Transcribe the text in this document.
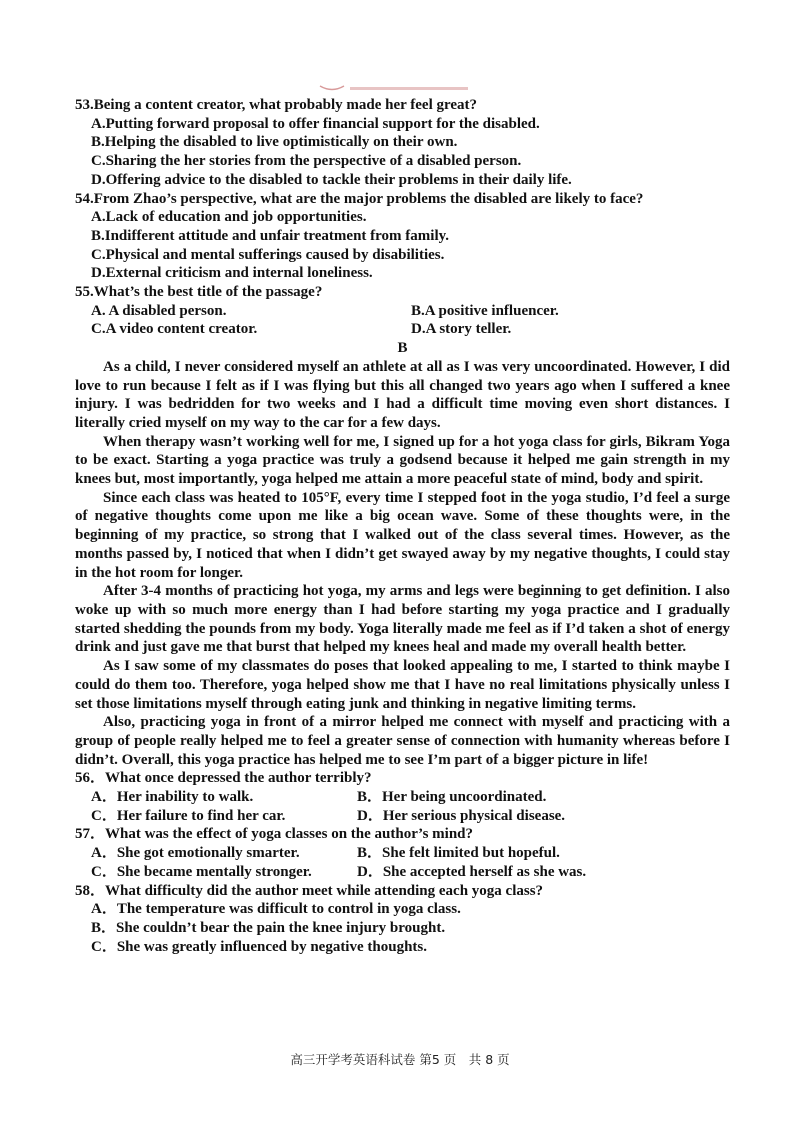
53.Being a content creator, what probably made her feel great?
A.Putting forward proposal to offer financial support for the disabled.
B.Helping the disabled to live optimistically on their own.
C.Sharing the her stories from the perspective of a disabled person.
D.Offering advice to the disabled to tackle their problems in their daily life.
54.From Zhao’s perspective, what are the major problems the disabled are likely to face?
A.Lack of education and job opportunities.
B.Indifferent attitude and unfair treatment from family.
C.Physical and mental sufferings caused by disabilities.
D.External criticism and internal loneliness.
55.What’s the best title of the passage?
A. A disabled person.	B.A positive influencer.
C.A video content creator.	D.A story teller.
B
As a child, I never considered myself an athlete at all as I was very uncoordinated. However, I did love to run because I felt as if I was flying but this all changed two years ago when I suffered a knee injury. I was bedridden for two weeks and I had a difficult time moving even short distances. I literally cried myself on my way to the car for a few days.
When therapy wasn’t working well for me, I signed up for a hot yoga class for girls, Bikram Yoga to be exact. Starting a yoga practice was truly a godsend because it helped me gain strength in my knees but, most importantly, yoga helped me attain a more peaceful state of mind, body and spirit.
Since each class was heated to 105°F, every time I stepped foot in the yoga studio, I’d feel a surge of negative thoughts come upon me like a big ocean wave. Some of these thoughts were, in the beginning of my practice, so strong that I walked out of the class several times. However, as the months passed by, I noticed that when I didn’t get swayed away by my negative thoughts, I could stay in the hot room for longer.
After 3-4 months of practicing hot yoga, my arms and legs were beginning to get definition. I also woke up with so much more energy than I had before starting my yoga practice and I gradually started shedding the pounds from my body. Yoga literally made me feel as if I’d taken a shot of energy drink and just gave me that burst that helped my knees heal and made my overall health better.
As I saw some of my classmates do poses that looked appealing to me, I started to think maybe I could do them too. Therefore, yoga helped show me that I have no real limitations physically unless I set those limitations myself through eating junk and thinking in negative limiting terms.
Also, practicing yoga in front of a mirror helped me connect with myself and practicing with a group of people really helped me to feel a greater sense of connection with humanity whereas before I didn’t. Overall, this yoga practice has helped me to see I’m part of a bigger picture in life!
56．What once depressed the author terribly?
A．Her inability to walk.	B．Her being uncoordinated.
C．Her failure to find her car.	D．Her serious physical disease.
57．What was the effect of yoga classes on the author’s mind?
A．She got emotionally smarter.	B．She felt limited but hopeful.
C．She became mentally stronger.	D．She accepted herself as she was.
58．What difficulty did the author meet while attending each yoga class?
A．The temperature was difficult to control in yoga class.
B．She couldn’t bear the pain the knee injury brought.
C．She was greatly influenced by negative thoughts.
高三开学考英语科试卷 第5 页　共 8 页
